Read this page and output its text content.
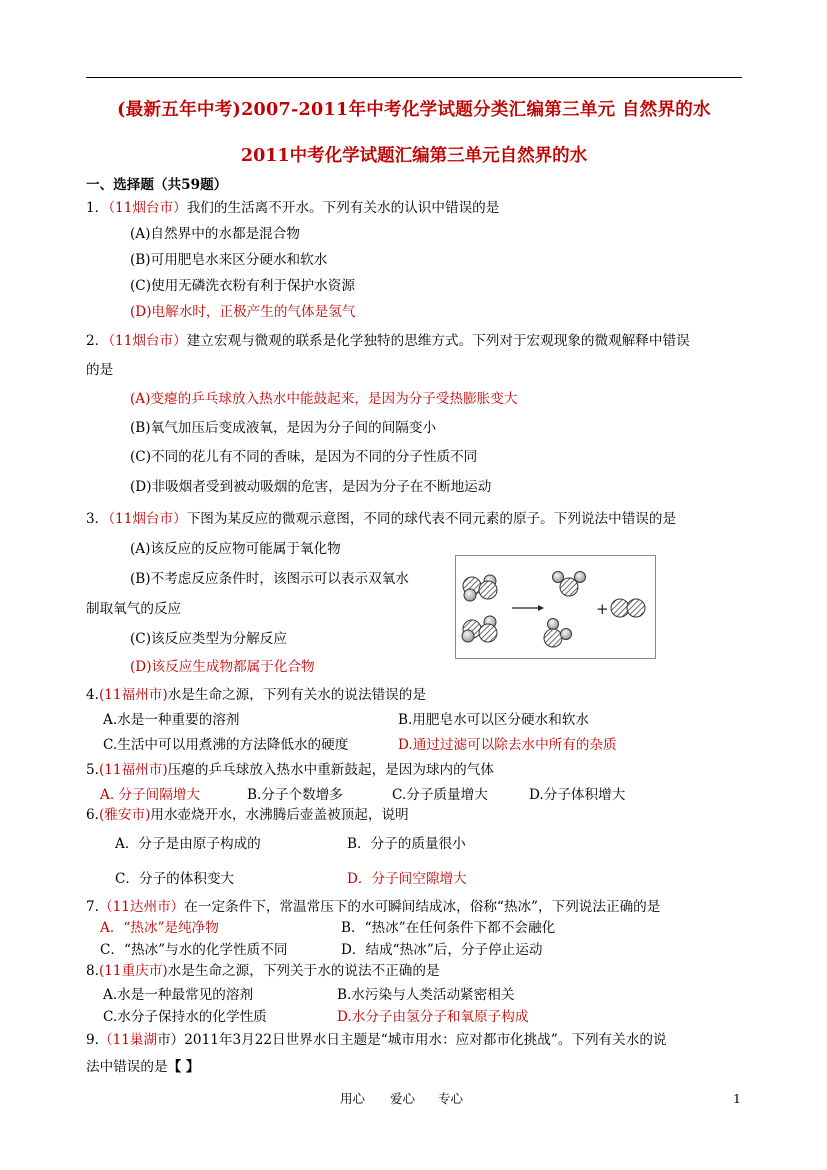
(最新五年中考)2007-2011年中考化学试题分类汇编第三单元 自然界的水
2011中考化学试题汇编第三单元自然界的水
一、选择题（共59题）
1．（11烟台市）我们的生活离不开水。下列有关水的认识中错误的是
(A)自然界中的水都是混合物
(B)可用肥皂水来区分硬水和软水
(C)使用无磷洗衣粉有利于保护水资源
(D)电解水时，正极产生的气体是氢气
2．（11烟台市）建立宏观与微观的联系是化学独特的思维方式。下列对于宏观现象的微观解释中错误
的是
(A)变瘪的乒乓球放入热水中能鼓起来，是因为分子受热膨胀变大
(B)氧气加压后变成液氧，是因为分子间的间隔变小
(C)不同的花儿有不同的香味，是因为不同的分子性质不同
(D)非吸烟者受到被动吸烟的危害，是因为分子在不断地运动
3．（11烟台市）下图为某反应的微观示意图，不同的球代表不同元素的原子。下列说法中错误的是
(A)该反应的反应物可能属于氧化物
(B)不考虑反应条件时，该图示可以表示双氧水
制取氧气的反应
(C)该反应类型为分解反应
(D)该反应生成物都属于化合物
+
4.(11福州市)水是生命之源，下列有关水的说法错误的是
A.水是一种重要的溶剂	B.用肥皂水可以区分硬水和软水
C.生活中可以用煮沸的方法降低水的硬度	D.通过过滤可以除去水中所有的杂质
5.(11福州市)压瘪的乒乓球放入热水中重新鼓起，是因为球内的气体
A. 分子间隔增大	B.分子个数增多	C.分子质量增大	D.分子体积增大
6.(雅安市)用水壶烧开水，水沸腾后壶盖被顶起，说明
A．分子是由原子构成的	B．分子的质量很小
C．分子的体积变大	D．分子间空隙增大
7.（11达州市）在一定条件下，常温常压下的水可瞬间结成冰，俗称“热冰”，下列说法正确的是
A．“热冰”是纯净物	B．“热冰”在任何条件下都不会融化
C．“热冰”与水的化学性质不同	D．结成“热冰”后，分子停止运动
8.(11重庆市)水是生命之源，下列关于水的说法不正确的是
A.水是一种最常见的溶剂	B.水污染与人类活动紧密相关
C.水分子保持水的化学性质	D.水分子由氢分子和氧原子构成
9.（11巢湖市）2011年3月22日世界水日主题是“城市用水：应对都市化挑战”。下列有关水的说
法中错误的是【 】
用心 爱心 专心	1
